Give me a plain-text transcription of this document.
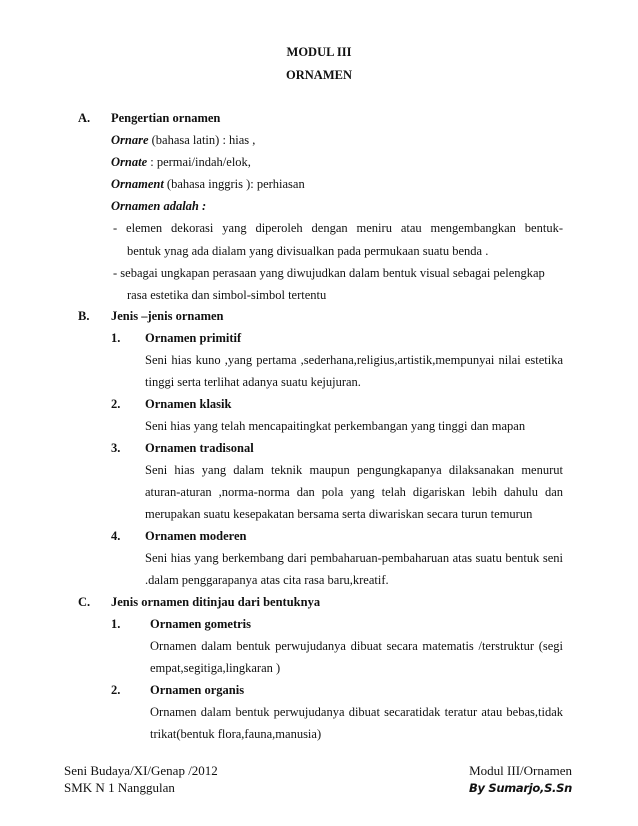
MODUL III
ORNAMEN
A. Pengertian ornamen
Ornare (bahasa latin) : hias ,
Ornate : permai/indah/elok,
Ornament (bahasa inggris ): perhiasan
Ornamen adalah :
- elemen dekorasi yang diperoleh dengan meniru atau mengembangkan bentuk-
bentuk ynag ada dialam yang divisualkan pada permukaan suatu benda .
- sebagai ungkapan perasaan yang diwujudkan dalam bentuk visual sebagai pelengkap
rasa estetika dan simbol-simbol tertentu
B. Jenis –jenis ornamen
1. Ornamen primitif
Seni hias kuno ,yang pertama ,sederhana,religius,artistik,mempunyai nilai estetika
tinggi serta terlihat adanya suatu kejujuran.
2. Ornamen klasik
Seni hias yang telah mencapaitingkat perkembangan yang tinggi dan mapan
3. Ornamen tradisonal
Seni hias yang dalam teknik maupun pengungkapanya dilaksanakan menurut
aturan-aturan ,norma-norma dan pola yang telah digariskan lebih dahulu dan
merupakan suatu kesepakatan bersama serta diwariskan secara turun temurun
4. Ornamen moderen
Seni hias yang berkembang dari pembaharuan-pembaharuan atas suatu bentuk seni
.dalam penggarapanya atas cita rasa baru,kreatif.
C. Jenis ornamen ditinjau dari bentuknya
1. Ornamen gometris
Ornamen dalam bentuk perwujudanya dibuat secara matematis /terstruktur (segi
empat,segitiga,lingkaran )
2. Ornamen organis
Ornamen dalam bentuk perwujudanya dibuat secaratidak teratur atau bebas,tidak
trikat(bentuk flora,fauna,manusia)
Seni Budaya/XI/Genap /2012
SMK N 1 Nanggulan
Modul III/Ornamen
By Sumarjo,S.Sn
